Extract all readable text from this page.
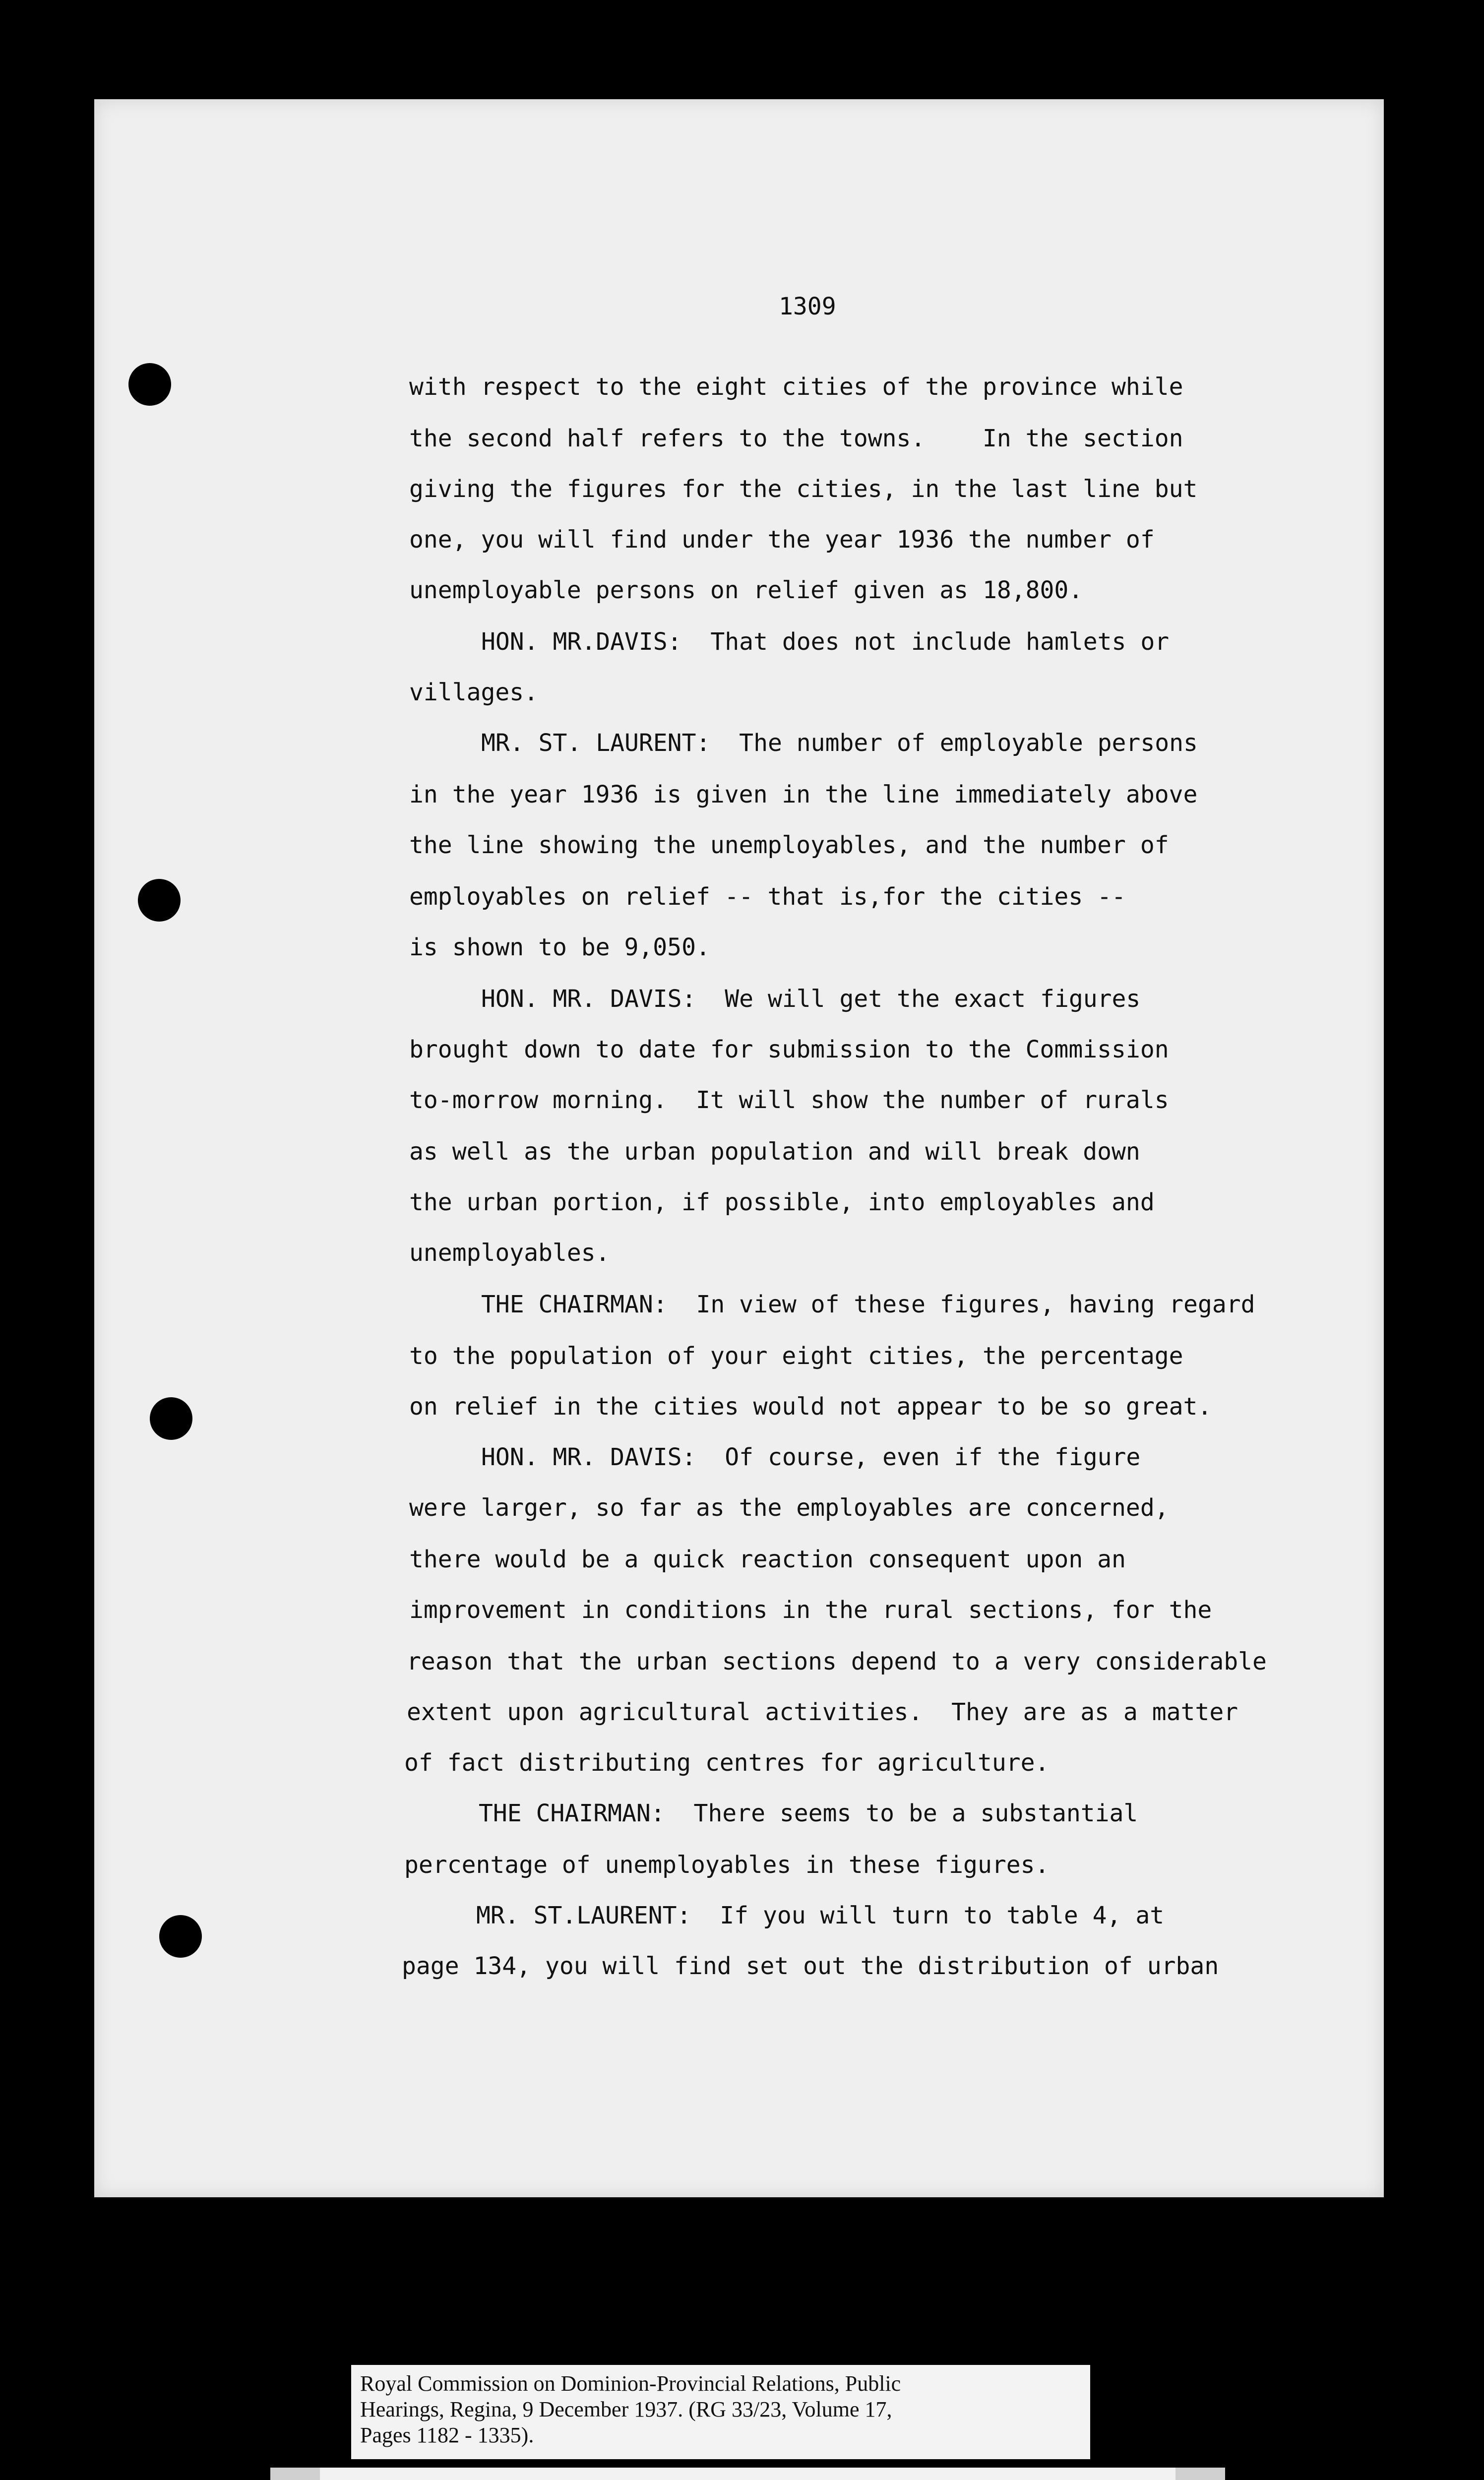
1309
with respect to the eight cities of the province while
the second half refers to the towns.    In the section
giving the figures for the cities, in the last line but
one, you will find under the year 1936 the number of
unemployable persons on relief given as 18,800.
HON. MR.DAVIS:  That does not include hamlets or
villages.
MR. ST. LAURENT:  The number of employable persons
in the year 1936 is given in the line immediately above
the line showing the unemployables, and the number of
employables on relief -- that is,for the cities --
is shown to be 9,050.
HON. MR. DAVIS:  We will get the exact figures
brought down to date for submission to the Commission
to-morrow morning.  It will show the number of rurals
as well as the urban population and will break down
the urban portion, if possible, into employables and
unemployables.
THE CHAIRMAN:  In view of these figures, having regard
to the population of your eight cities, the percentage
on relief in the cities would not appear to be so great.
HON. MR. DAVIS:  Of course, even if the figure
were larger, so far as the employables are concerned,
there would be a quick reaction consequent upon an
improvement in conditions in the rural sections, for the
reason that the urban sections depend to a very considerable
extent upon agricultural activities.  They are as a matter
of fact distributing centres for agriculture.
THE CHAIRMAN:  There seems to be a substantial
percentage of unemployables in these figures.
MR. ST.LAURENT:  If you will turn to table 4, at
page 134, you will find set out the distribution of urban
Royal Commission on Dominion-Provincial Relations, Public
Hearings, Regina, 9 December 1937. (RG 33/23, Volume 17,
Pages 1182 - 1335).
